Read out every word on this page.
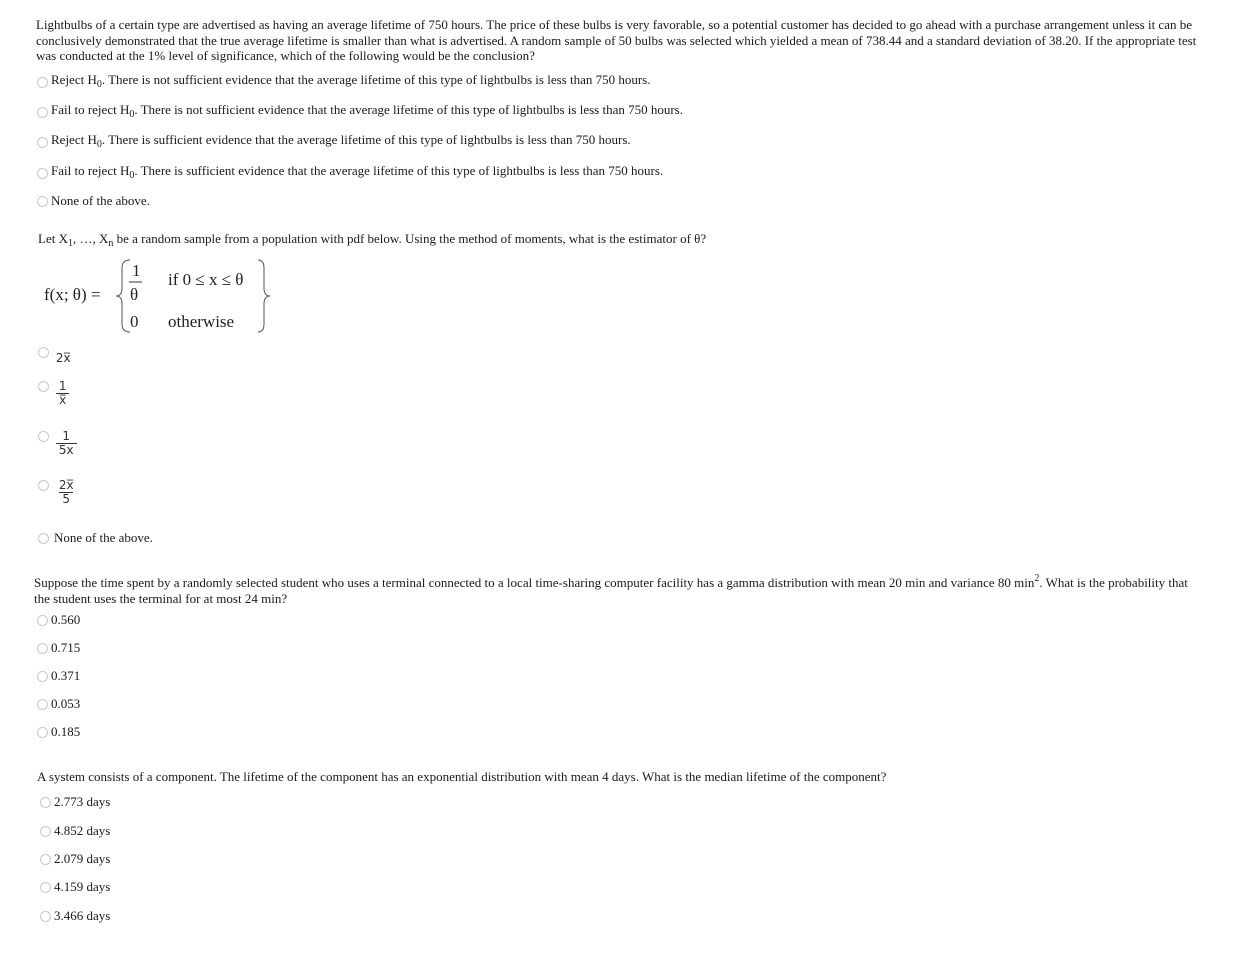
Lightbulbs of a certain type are advertised as having an average lifetime of 750 hours. The price of these bulbs is very favorable, so a potential customer has decided to go ahead with a purchase arrangement unless it can be conclusively demonstrated that the true average lifetime is smaller than what is advertised. A random sample of 50 bulbs was selected which yielded a mean of 738.44 and a standard deviation of 38.20. If the appropriate test was conducted at the 1% level of significance, which of the following would be the conclusion?
Reject $H_0$. There is not sufficient evidence that the average lifetime of this type of lightbulbs is less than 750 hours.
Fail to reject $H_0$. There is not sufficient evidence that the average lifetime of this type of lightbulbs is less than 750 hours.
Reject $H_0$. There is sufficient evidence that the average lifetime of this type of lightbulbs is less than 750 hours.
Fail to reject $H_0$. There is sufficient evidence that the average lifetime of this type of lightbulbs is less than 750 hours.
None of the above.
Let $X_1$, …, $X_n$ be a random sample from a population with pdf below. Using the method of moments, what is the estimator of θ?
f(x; θ) =
1
θ
if 0 ≤ x ≤ θ
0 otherwise
2x̅

$\frac{1}{x̅}$

$\frac{1}{5x}$

$\frac{2x̅}{5}$
None of the above.
Suppose the time spent by a randomly selected student who uses a terminal connected to a local time-sharing computer facility has a gamma distribution with mean 20 min and variance 80 $\min^2$. What is the probability that the student uses the terminal for at most 24 min?
0.560
0.715
0.371
0.053
0.185
A system consists of a component. The lifetime of the component has an exponential distribution with mean 4 days. What is the median lifetime of the component?
2.773 days
4.852 days
2.079 days
4.159 days
3.466 days
